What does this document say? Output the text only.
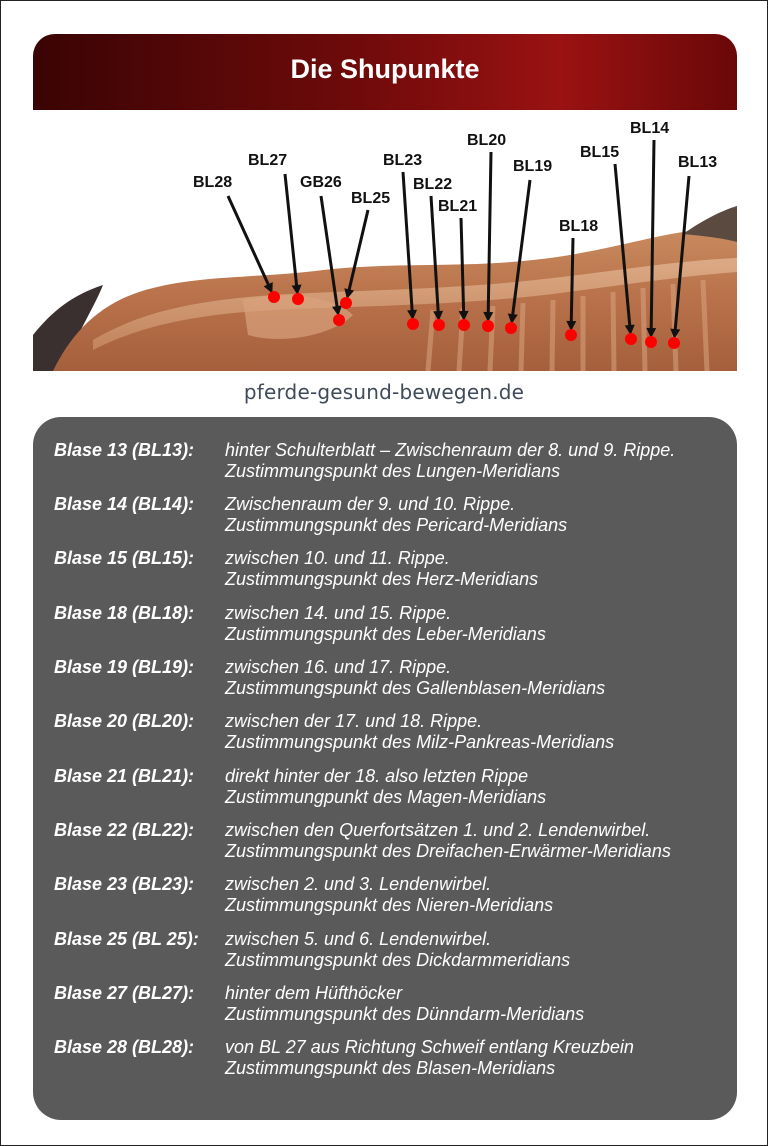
Die Shupunkte
BL28
BL27
GB26
BL25
BL23
BL22
BL21
BL20
BL19
BL18
BL15
BL14
BL13
pferde-gesund-bewegen.de
Blase 13 (BL13): hinter Schulterblatt – Zwischenraum der 8. und 9. Rippe.
Zustimmungspunkt des Lungen-Meridians
Blase 14 (BL14): Zwischenraum der 9. und 10. Rippe.
Zustimmungspunkt des Pericard-Meridians
Blase 15 (BL15): zwischen 10. und 11. Rippe.
Zustimmungspunkt des Herz-Meridians
Blase 18 (BL18): zwischen 14. und 15. Rippe.
Zustimmungspunkt des Leber-Meridians
Blase 19 (BL19): zwischen 16. und 17. Rippe.
Zustimmungspunkt des Gallenblasen-Meridians
Blase 20 (BL20): zwischen der 17. und 18. Rippe.
Zustimmungspunkt des Milz-Pankreas-Meridians
Blase 21 (BL21): direkt hinter der 18. also letzten Rippe
Zustimmungpunkt des Magen-Meridians
Blase 22 (BL22): zwischen den Querfortsätzen 1. und 2. Lendenwirbel.
Zustimmungspunkt des Dreifachen-Erwärmer-Meridians
Blase 23 (BL23): zwischen 2. und 3. Lendenwirbel.
Zustimmungspunkt des Nieren-Meridians
Blase 25 (BL 25): zwischen 5. und 6. Lendenwirbel.
Zustimmungspunkt des Dickdarmmeridians
Blase 27 (BL27): hinter dem Hüfthöcker
Zustimmungspunkt des Dünndarm-Meridians
Blase 28 (BL28): von BL 27 aus Richtung Schweif entlang Kreuzbein
Zustimmungspunkt des Blasen-Meridians
